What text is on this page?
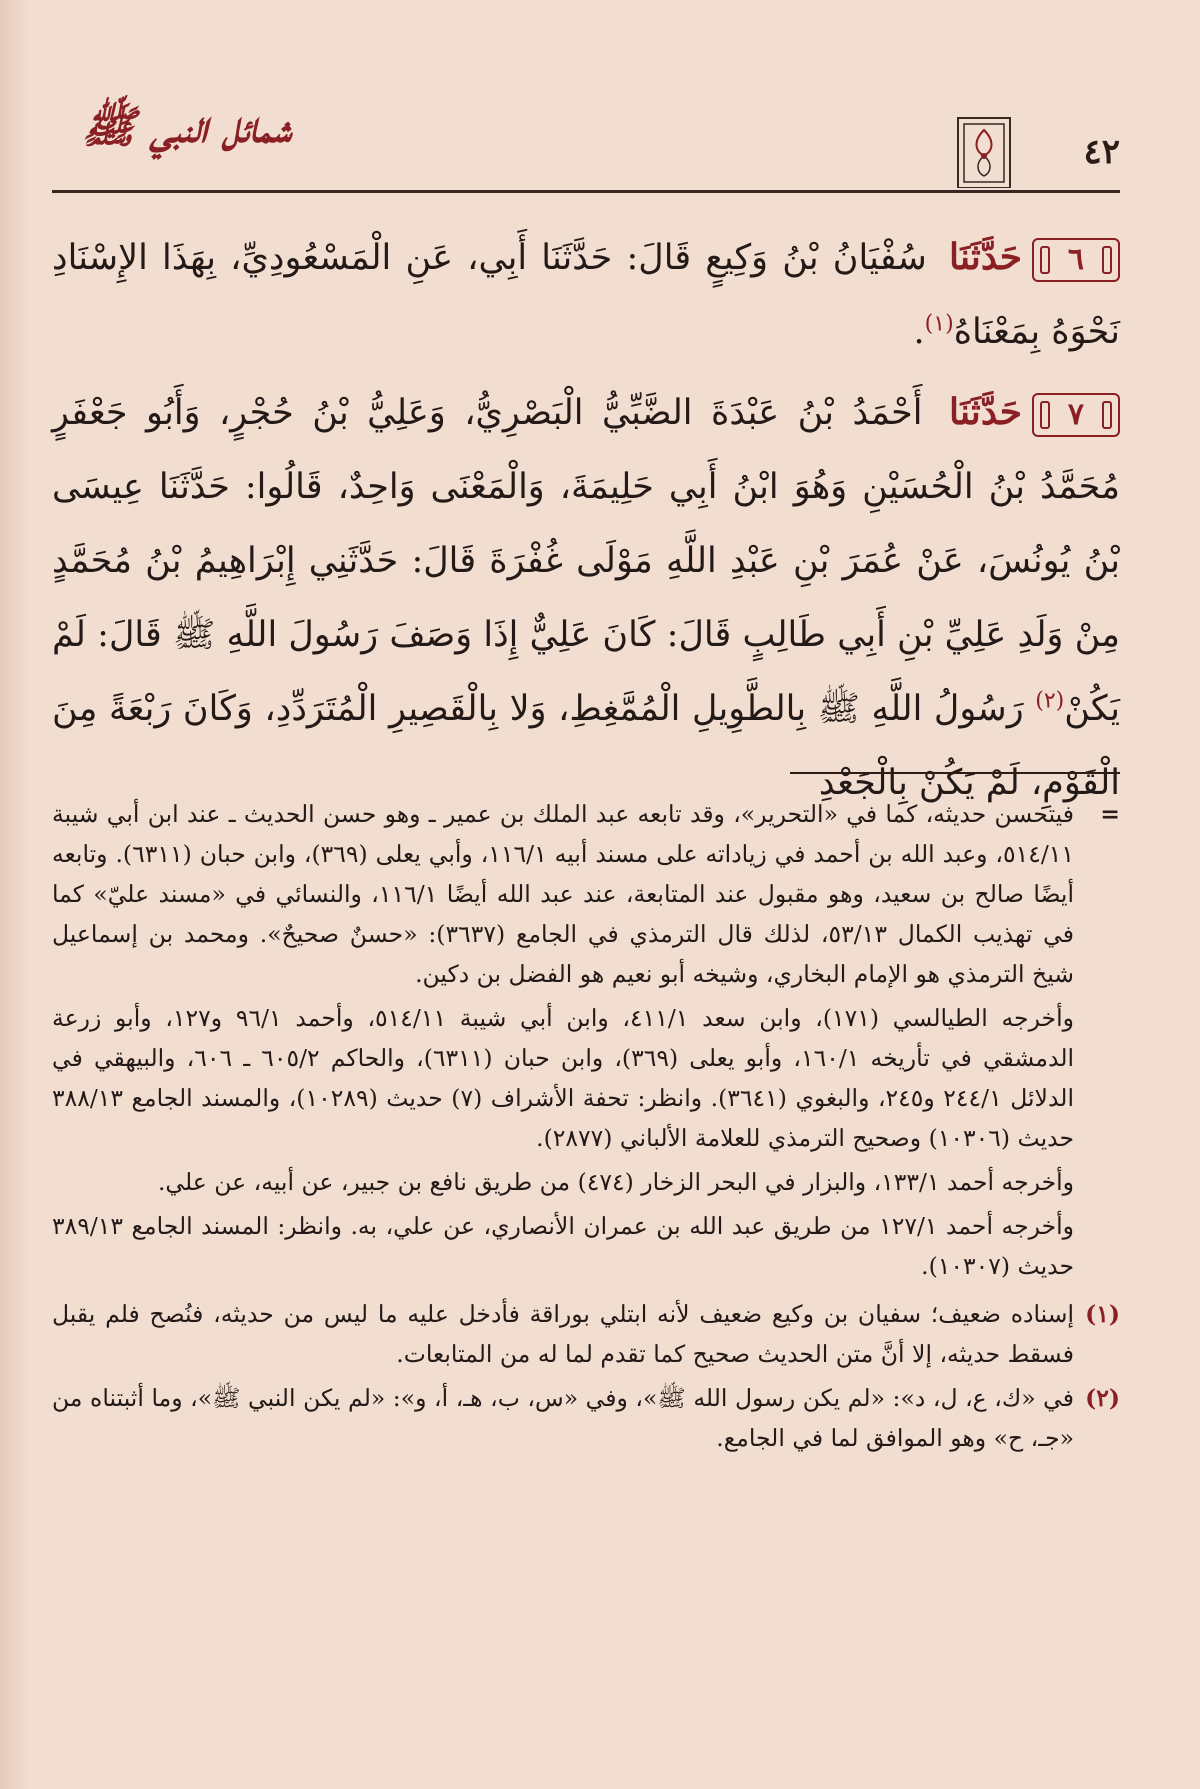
٤٢
شمائل النبي ﷺ

٦حَدَّثَنَا سُفْيَانُ بْنُ وَكِيعٍ قَالَ: حَدَّثَنَا أَبِي، عَنِ الْمَسْعُودِيِّ، بِهَذَا الإِسْنَادِ نَحْوَهُ بِمَعْنَاهُ$^{(١)}$.

٧حَدَّثَنَا أَحْمَدُ بْنُ عَبْدَةَ الضَّبِّيُّ الْبَصْرِيُّ، وَعَلِيُّ بْنُ حُجْرٍ، وَأَبُو جَعْفَرٍ مُحَمَّدُ بْنُ الْحُسَيْنِ وَهُوَ ابْنُ أَبِي حَلِيمَةَ، وَالْمَعْنَى وَاحِدٌ، قَالُوا: حَدَّثَنَا عِيسَى بْنُ يُونُسَ، عَنْ عُمَرَ بْنِ عَبْدِ اللَّهِ مَوْلَى غُفْرَةَ قَالَ: حَدَّثَنِي إِبْرَاهِيمُ بْنُ مُحَمَّدٍ مِنْ وَلَدِ عَلِيِّ بْنِ أَبِي طَالِبٍ قَالَ: كَانَ عَلِيٌّ إِذَا وَصَفَ رَسُولَ اللَّهِ ﷺ قَالَ: لَمْ يَكُنْ$^{(٢)}$ رَسُولُ اللَّهِ ﷺ بِالطَّوِيلِ الْمُمَّغِطِ، وَلا بِالْقَصِيرِ الْمُتَرَدِّدِ، وَكَانَ رَبْعَةً مِنَ الْقَوْمِ، لَمْ يَكُنْ بِالْجَعْدِ

=

فيتحسن حديثه، كما في «التحرير»، وقد تابعه عبد الملك بن عمير ـ وهو حسن الحديث ـ عند ابن أبي شيبة ٥١٤/١١، وعبد الله بن أحمد في زياداته على مسند أبيه ١١٦/١، وأبي يعلى (٣٦٩)، وابن حبان (٦٣١١). وتابعه أيضًا صالح بن سعيد، وهو مقبول عند المتابعة، عند عبد الله أيضًا ١١٦/١، والنسائي في «مسند عليّ» كما في تهذيب الكمال ٥٣/١٣، لذلك قال الترمذي في الجامع (٣٦٣٧): «حسنٌ صحيحٌ». ومحمد بن إسماعيل شيخ الترمذي هو الإمام البخاري، وشيخه أبو نعيم هو الفضل بن دكين.

وأخرجه الطيالسي (١٧١)، وابن سعد ٤١١/١، وابن أبي شيبة ٥١٤/١١، وأحمد ٩٦/١ و١٢٧، وأبو زرعة الدمشقي في تأريخه ١٦٠/١، وأبو يعلى (٣٦٩)، وابن حبان (٦٣١١)، والحاكم ٦٠٥/٢ ـ ٦٠٦، والبيهقي في الدلائل ٢٤٤/١ و٢٤٥، والبغوي (٣٦٤١). وانظر: تحفة الأشراف (٧) حديث (١٠٢٨٩)، والمسند الجامع ٣٨٨/١٣ حديث (١٠٣٠٦) وصحيح الترمذي للعلامة الألباني (٢٨٧٧).

وأخرجه أحمد ١٣٣/١، والبزار في البحر الزخار (٤٧٤) من طريق نافع بن جبير، عن أبيه، عن علي.

وأخرجه أحمد ١٢٧/١ من طريق عبد الله بن عمران الأنصاري، عن علي، به. وانظر: المسند الجامع ٣٨٩/١٣ حديث (١٠٣٠٧).

(١)
إسناده ضعيف؛ سفيان بن وكيع ضعيف لأنه ابتلي بوراقة فأدخل عليه ما ليس من حديثه، فنُصح فلم يقبل فسقط حديثه، إلا أنَّ متن الحديث صحيح كما تقدم لما له من المتابعات.
(٢)
في «ك، ع، ل، د»: «لم يكن رسول الله ﷺ»، وفي «س، ب، هـ، أ، و»: «لم يكن النبي ﷺ»، وما أثبتناه من «جـ، ح» وهو الموافق لما في الجامع.
